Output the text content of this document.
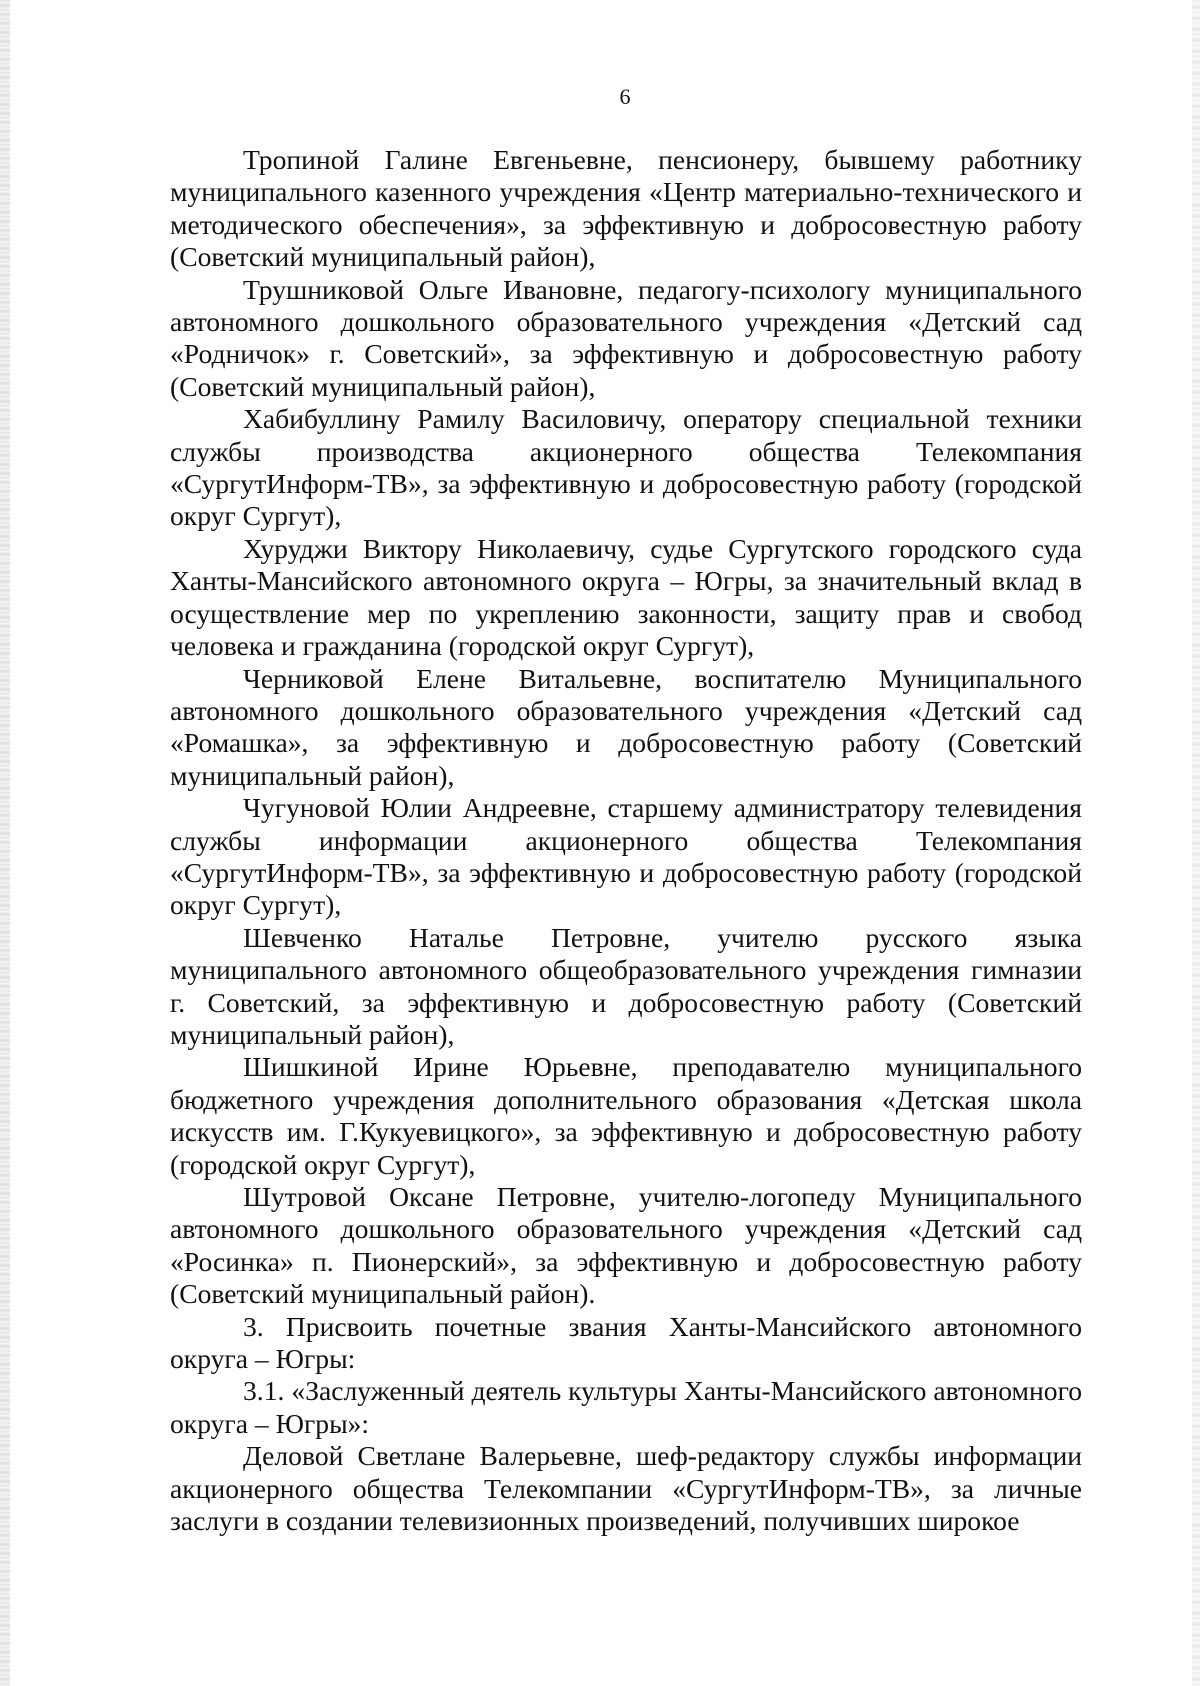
6

Тропиной Галине Евгеньевне, пенсионеру, бывшему работнику муниципального казенного учреждения «Центр материально-технического и методического обеспечения», за эффективную и добросовестную работу (Советский муниципальный район),

Трушниковой Ольге Ивановне, педагогу-психологу муниципального автономного дошкольного образовательного учреждения «Детский сад «Родничок» г. Советский», за эффективную и добросовестную работу (Советский муниципальный район),

Хабибуллину Рамилу Василовичу, оператору специальной техники службы производства акционерного общества Телекомпания «СургутИнформ-ТВ», за эффективную и добросовестную работу (городской округ Сургут),

Хуруджи Виктору Николаевичу, судье Сургутского городского суда Ханты-Мансийского автономного округа – Югры, за значительный вклад в осуществление мер по укреплению законности, защиту прав и свобод человека и гражданина (городской округ Сургут),

Черниковой Елене Витальевне, воспитателю Муниципального автономного дошкольного образовательного учреждения «Детский сад «Ромашка», за эффективную и добросовестную работу (Советский муниципальный район),

Чугуновой Юлии Андреевне, старшему администратору телевидения службы информации акционерного общества Телекомпания «СургутИнформ-ТВ», за эффективную и добросовестную работу (городской округ Сургут),

Шевченко Наталье Петровне, учителю русского языка муниципального автономного общеобразовательного учреждения гимназии г. Советский, за эффективную и добросовестную работу (Советский муниципальный район),

Шишкиной Ирине Юрьевне, преподавателю муниципального бюджетного учреждения дополнительного образования «Детская школа искусств им. Г.Кукуевицкого», за эффективную и добросовестную работу (городской округ Сургут),

Шутровой Оксане Петровне, учителю-логопеду Муниципального автономного дошкольного образовательного учреждения «Детский сад «Росинка» п. Пионерский», за эффективную и добросовестную работу (Советский муниципальный район).

3. Присвоить почетные звания Ханты-Мансийского автономного округа – Югры:

3.1. «Заслуженный деятель культуры Ханты-Мансийского автономного округа – Югры»:

Деловой Светлане Валерьевне, шеф-редактору службы информации акционерного общества Телекомпании «СургутИнформ-ТВ», за личные заслуги в создании телевизионных произведений, получивших широкое
